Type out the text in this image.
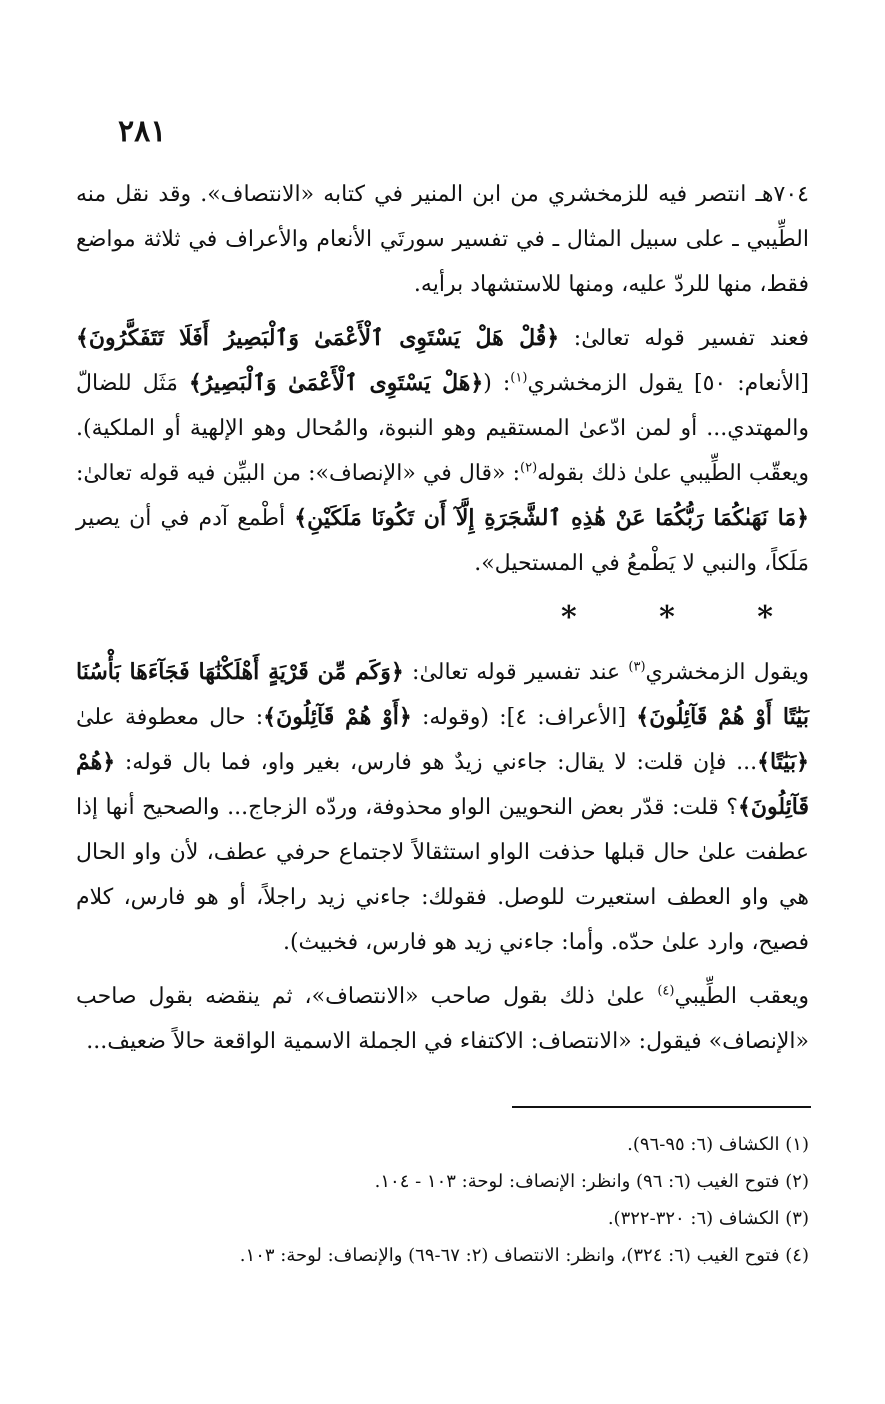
٢٨١

٧٠٤هـ انتصر فيه للزمخشري من ابن المنير في كتابه «الانتصاف». وقد نقل منه الطِّيبي ـ على سبيل المثال ـ في تفسير سورتَي الأنعام والأعراف في ثلاثة مواضع فقط، منها للردّ عليه، ومنها للاستشهاد برأيه.

فعند تفسير قوله تعالىٰ: ﴿قُلْ هَلْ يَسْتَوِى ٱلْأَعْمَىٰ وَٱلْبَصِيرُ أَفَلَا تَتَفَكَّرُونَ﴾ [الأنعام: ٥٠] يقول الزمخشري$^{(١)}$: (﴿هَلْ يَسْتَوِى ٱلْأَعْمَىٰ وَٱلْبَصِيرُ﴾ مَثَل للضالّ والمهتدي... أو لمن ادّعىٰ المستقيم وهو النبوة، والمُحال وهو الإلهية أو الملكية). ويعقّب الطِّيبي علىٰ ذلك بقوله$^{(٢)}$: «قال في «الإنصاف»: من البيِّن فيه قوله تعالىٰ: ﴿مَا نَهَىٰكُمَا رَبُّكُمَا عَنْ هَٰذِهِ ٱلشَّجَرَةِ إِلَّآ أَن تَكُونَا مَلَكَيْنِ﴾ أطْمع آدم في أن يصير مَلَكاً، والنبي لا يَطْمعُ في المستحيل».

* * *

ويقول الزمخشري$^{(٣)}$ عند تفسير قوله تعالىٰ: ﴿وَكَم مِّن قَرْيَةٍ أَهْلَكْنَٰهَا فَجَآءَهَا بَأْسُنَا بَيَٰتًا أَوْ هُمْ قَآئِلُونَ﴾ [الأعراف: ٤]: (وقوله: ﴿أَوْ هُمْ قَآئِلُونَ﴾: حال معطوفة علىٰ ﴿بَيَٰتًا﴾... فإن قلت: لا يقال: جاءني زيدٌ هو فارس، بغير واو، فما بال قوله: ﴿هُمْ قَآئِلُونَ﴾؟ قلت: قدّر بعض النحويين الواو محذوفة، وردّه الزجاج... والصحيح أنها إذا عطفت علىٰ حال قبلها حذفت الواو استثقالاً لاجتماع حرفي عطف، لأن واو الحال هي واو العطف استعيرت للوصل. فقولك: جاءني زيد راجلاً، أو هو فارس، كلام فصيح، وارد علىٰ حدّه. وأما: جاءني زيد هو فارس، فخبيث).

ويعقب الطِّيبي$^{(٤)}$ علىٰ ذلك بقول صاحب «الانتصاف»، ثم ينقضه بقول صاحب «الإنصاف» فيقول: «الانتصاف: الاكتفاء في الجملة الاسمية الواقعة حالاً ضعيف...

(١) الكشاف (٦: ٩٥-٩٦).
(٢) فتوح الغيب (٦: ٩٦) وانظر: الإنصاف: لوحة: ١٠٣ - ١٠٤.
(٣) الكشاف (٦: ٣٢٠-٣٢٢).
(٤) فتوح الغيب (٦: ٣٢٤)، وانظر: الانتصاف (٢: ٦٧-٦٩) والإنصاف: لوحة: ١٠٣.
